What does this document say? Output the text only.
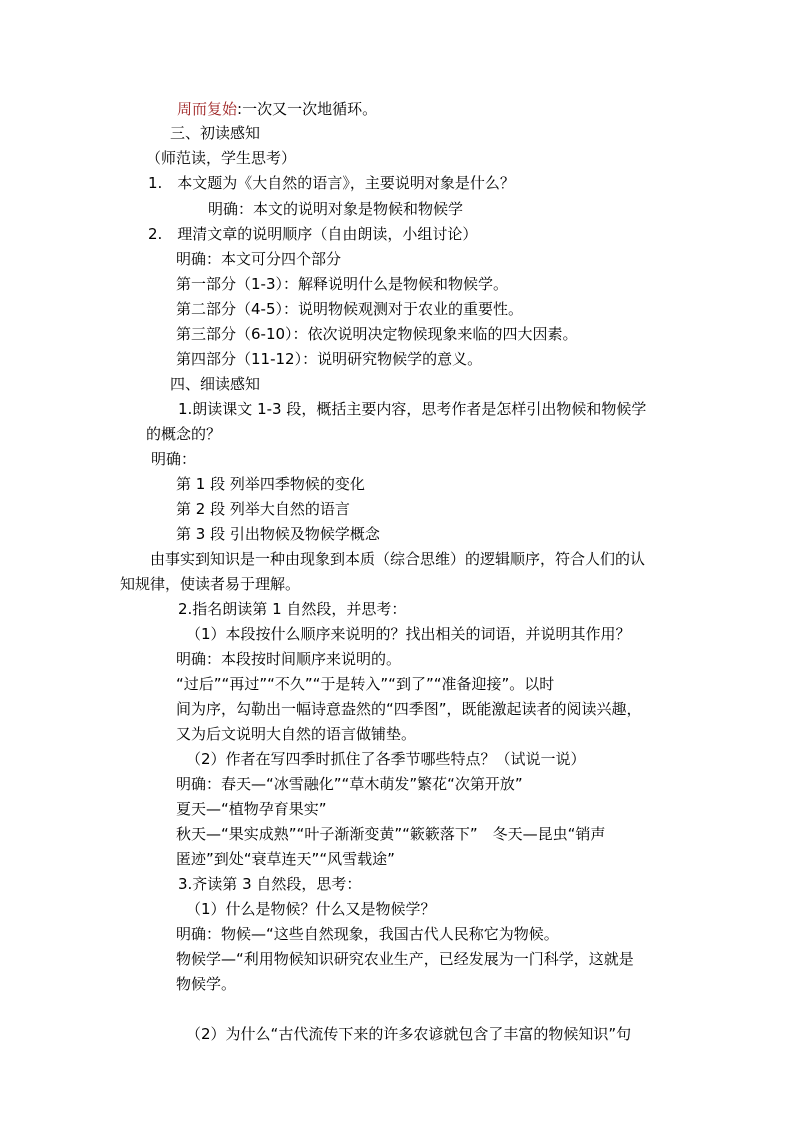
周而复始:一次又一次地循环。
三、初读感知
（师范读，学生思考）
1.　本文题为《大自然的语言》，主要说明对象是什么？
明确：本文的说明对象是物候和物候学
2.　理清文章的说明顺序（自由朗读，小组讨论）
明确：本文可分四个部分
第一部分（1-3）：解释说明什么是物候和物候学。
第二部分（4-5）：说明物候观测对于农业的重要性。
第三部分（6-10）：依次说明决定物候现象来临的四大因素。
第四部分（11-12）：说明研究物候学的意义。
四、细读感知
1.朗读课文 1-3 段，概括主要内容，思考作者是怎样引出物候和物候学
的概念的？
明确：
第 1 段 列举四季物候的变化
第 2 段 列举大自然的语言
第 3 段 引出物候及物候学概念
由事实到知识是一种由现象到本质（综合思维）的逻辑顺序，符合人们的认
知规律，使读者易于理解。
2.指名朗读第 1 自然段，并思考：
（1）本段按什么顺序来说明的？找出相关的词语，并说明其作用？
明确：本段按时间顺序来说明的。
“过后”“再过”“不久”“于是转入”“到了”“准备迎接”。以时
间为序，勾勒出一幅诗意盎然的“四季图”，既能激起读者的阅读兴趣，
又为后文说明大自然的语言做铺垫。
（2）作者在写四季时抓住了各季节哪些特点？（试说一说）
明确：春天—“冰雪融化”“草木萌发”繁花“次第开放”
夏天—“植物孕育果实”
秋天—“果实成熟”“叶子渐渐变黄”“簌簌落下”　冬天—昆虫“销声
匿迹”到处“衰草连天”“风雪载途”
3.齐读第 3 自然段，思考：
（1）什么是物候？什么又是物候学？
明确：物候—“这些自然现象，我国古代人民称它为物候。
物候学—“利用物候知识研究农业生产，已经发展为一门科学，这就是
物候学。
（2）为什么“古代流传下来的许多农谚就包含了丰富的物候知识”句
